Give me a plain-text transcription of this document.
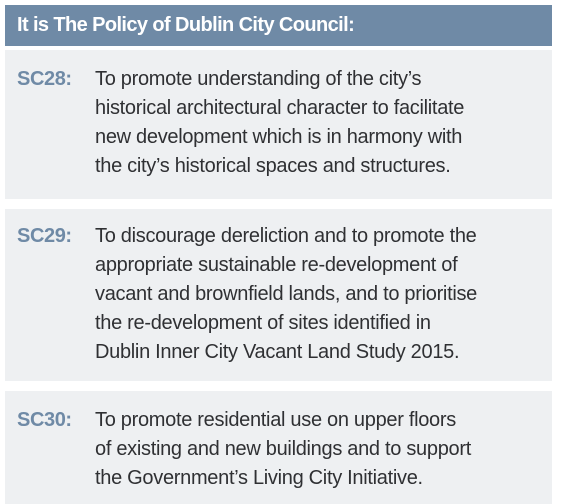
It is The Policy of Dublin City Council:
SC28:	To promote understanding of the city’s
historical architectural character to facilitate
new development which is in harmony with
the city’s historical spaces and structures.
SC29:	To discourage dereliction and to promote the
appropriate sustainable re-development of
vacant and brownfield lands, and to prioritise
the re-development of sites identified in
Dublin Inner City Vacant Land Study 2015.
SC30:	To promote residential use on upper floors
of existing and new buildings and to support
the Government’s Living City Initiative.
